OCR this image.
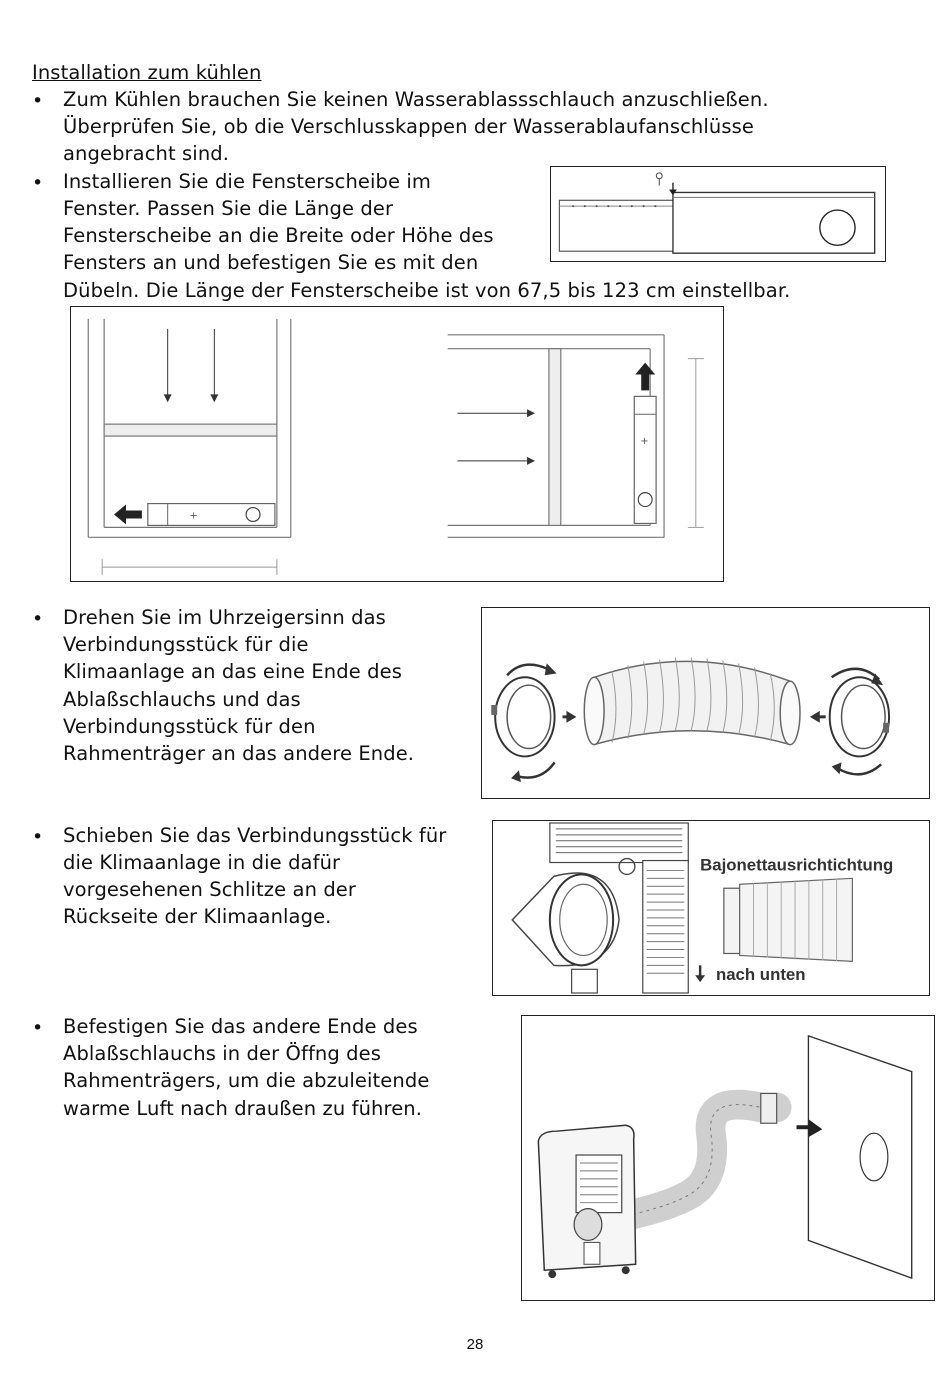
Installation zum kühlen
• Zum Kühlen brauchen Sie keinen Wasserablassschlauch anzuschließen.
Überprüfen Sie, ob die Verschlusskappen der Wasserablaufanschlüsse
angebracht sind.
• Installieren Sie die Fensterscheibe im
Fenster. Passen Sie die Länge der
Fensterscheibe an die Breite oder Höhe des
Fensters an und befestigen Sie es mit den
Dübeln. Die Länge der Fensterscheibe ist von 67,5 bis 123 cm einstellbar.
+
+
• Drehen Sie im Uhrzeigersinn das
Verbindungsstück für die
Klimaanlage an das eine Ende des
Ablaßschlauchs und das
Verbindungsstück für den
Rahmenträger an das andere Ende.
• Schieben Sie das Verbindungsstück für
die Klimaanlage in die dafür
vorgesehenen Schlitze an der
Rückseite der Klimaanlage.
Bajonettausrichtichtung
nach unten
• Befestigen Sie das andere Ende des
Ablaßschlauchs in der Öffng des
Rahmenträgers, um die abzuleitende
warme Luft nach draußen zu führen.
28
